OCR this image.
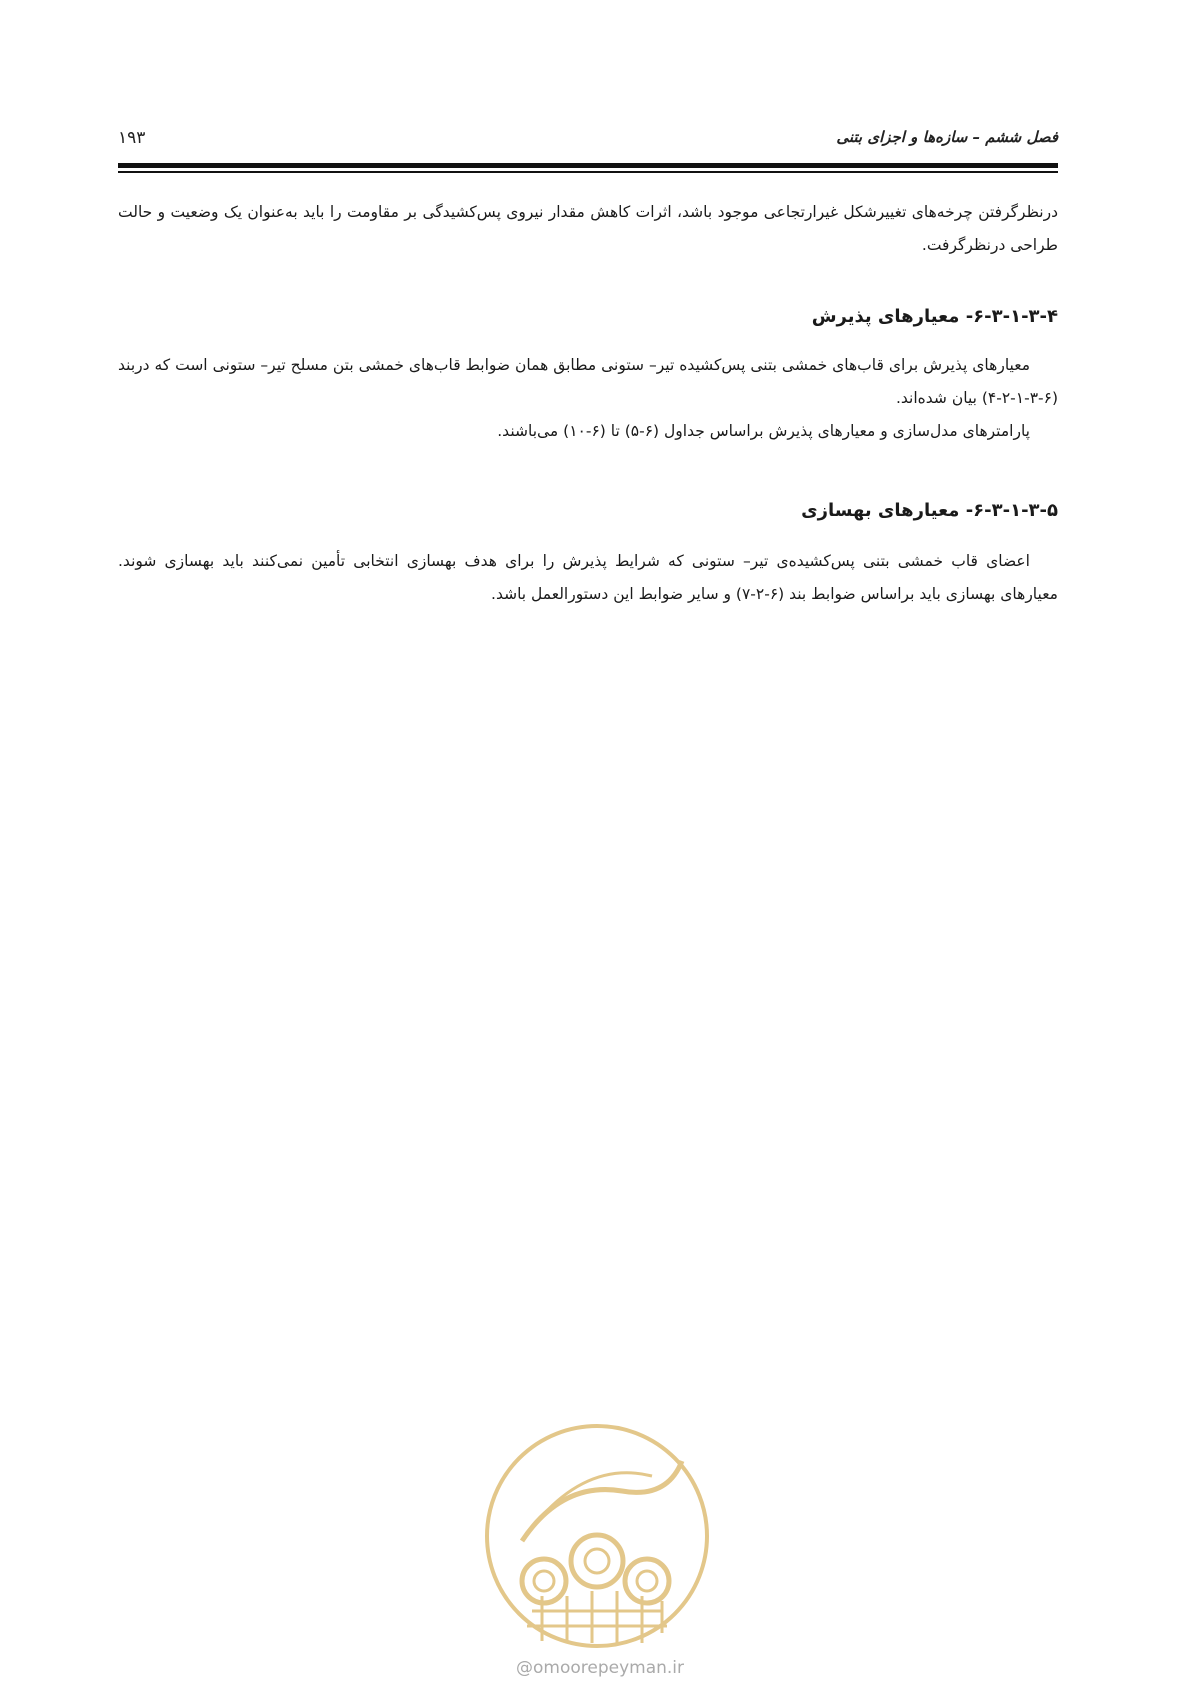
فصل ششم – سازه‌ها و اجزای بتنی
۱۹۳

درنظرگرفتن چرخه‌های تغییرشکل غیرارتجاعی موجود باشد، اثرات کاهش مقدار نیروی پس‌کشیدگی بر مقاومت را باید به‌عنوان یک وضعیت و حالت طراحی درنظرگرفت.

۶-۳-۱-۳-۴- معیارهای پذیرش

معیارهای پذیرش برای قاب‌های خمشی بتنی پس‌کشیده تیر– ستونی مطابق همان ضوابط قاب‌های خمشی بتن مسلح تیر– ستونی است که دربند (۶-۳-۱-۲-۴) بیان شده‌اند.

پارامترهای مدل‌سازی و معیارهای پذیرش براساس جداول (۶-۵) تا (۶-۱۰) می‌باشند.

۶-۳-۱-۳-۵- معیارهای بهسازی

اعضای قاب خمشی بتنی پس‌کشیده‌ی تیر– ستونی که شرایط پذیرش را برای هدف بهسازی انتخابی تأمین نمی‌کنند باید بهسازی شوند. معیارهای بهسازی باید براساس ضوابط بند (۶-۲-۷) و سایر ضوابط این دستورالعمل باشد.

@omoorepeyman.ir
